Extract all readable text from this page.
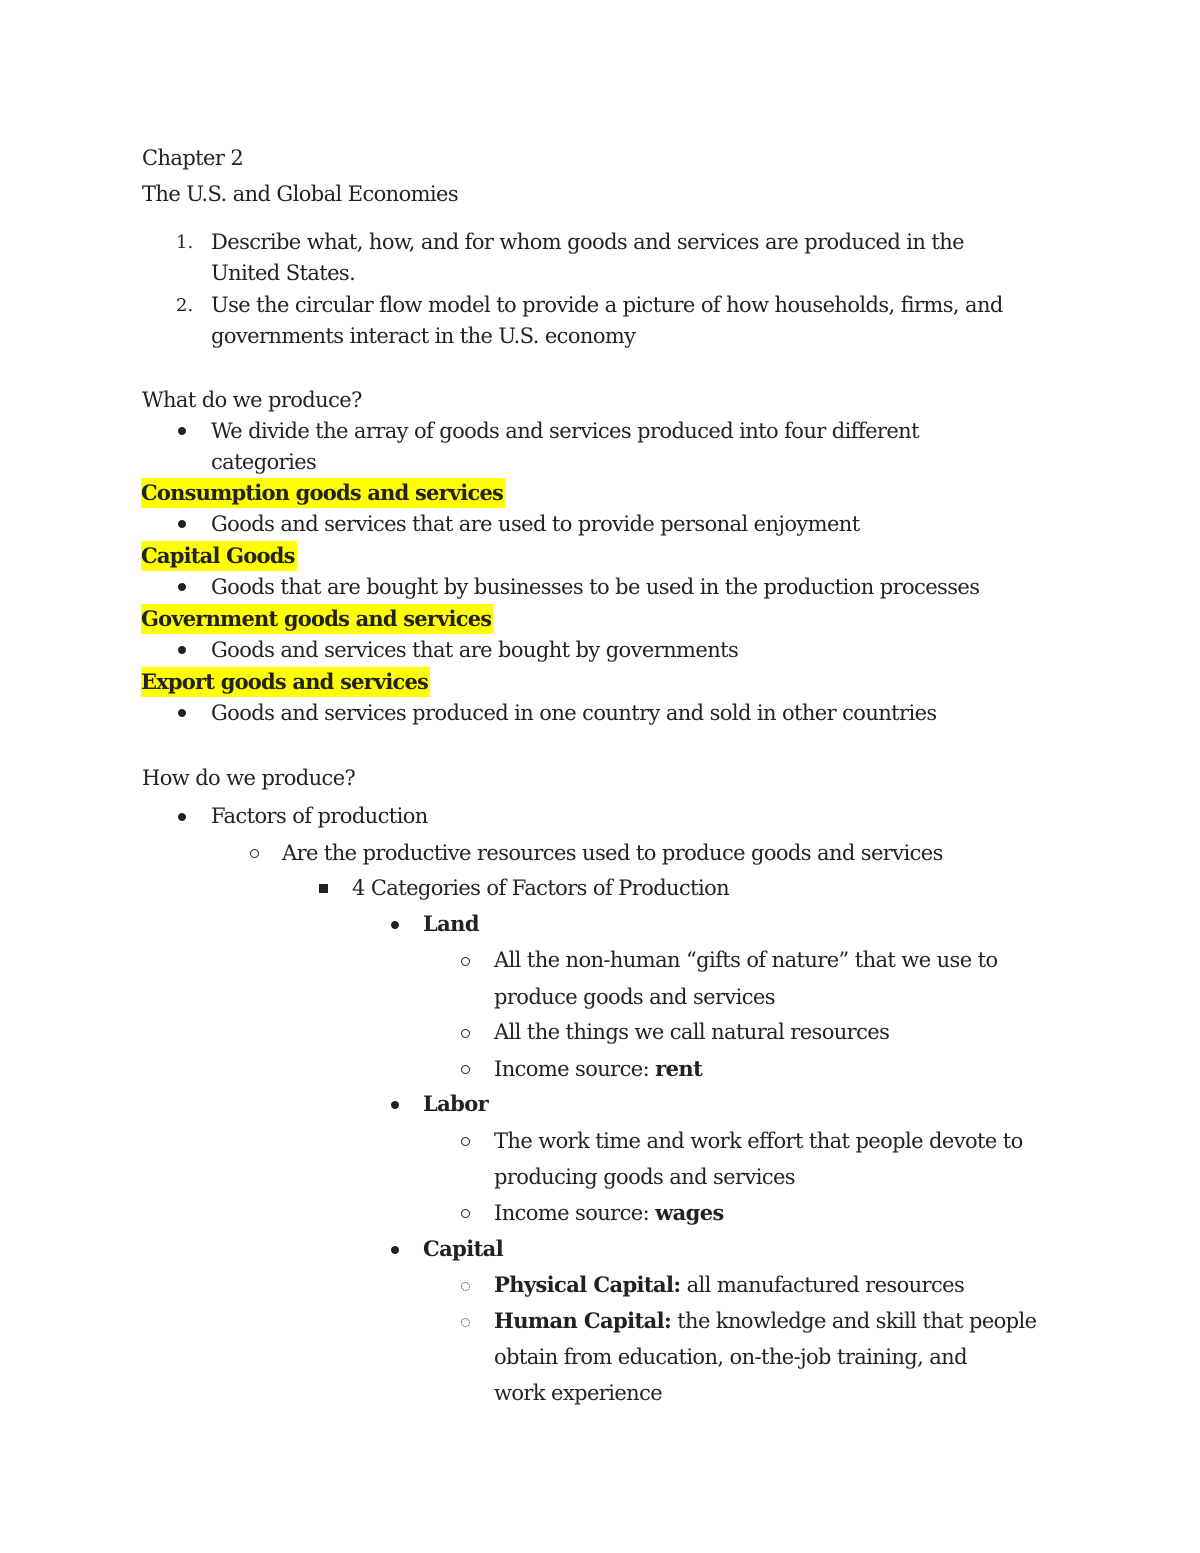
Chapter 2
The U.S. and Global Economies
1. Describe what, how, and for whom goods and services are produced in the
United States.
2. Use the circular flow model to provide a picture of how households, firms, and
governments interact in the U.S. economy
What do we produce?
We divide the array of goods and services produced into four different
categories
Consumption goods and services
Goods and services that are used to provide personal enjoyment
Capital Goods
Goods that are bought by businesses to be used in the production processes
Government goods and services
Goods and services that are bought by governments
Export goods and services
Goods and services produced in one country and sold in other countries
How do we produce?
Factors of production
Are the productive resources used to produce goods and services
4 Categories of Factors of Production
Land
All the non-human “gifts of nature” that we use to
produce goods and services
All the things we call natural resources
Income source: rent
Labor
The work time and work effort that people devote to
producing goods and services
Income source: wages
Capital
Physical Capital: all manufactured resources
Human Capital: the knowledge and skill that people
obtain from education, on-the-job training, and
work experience
